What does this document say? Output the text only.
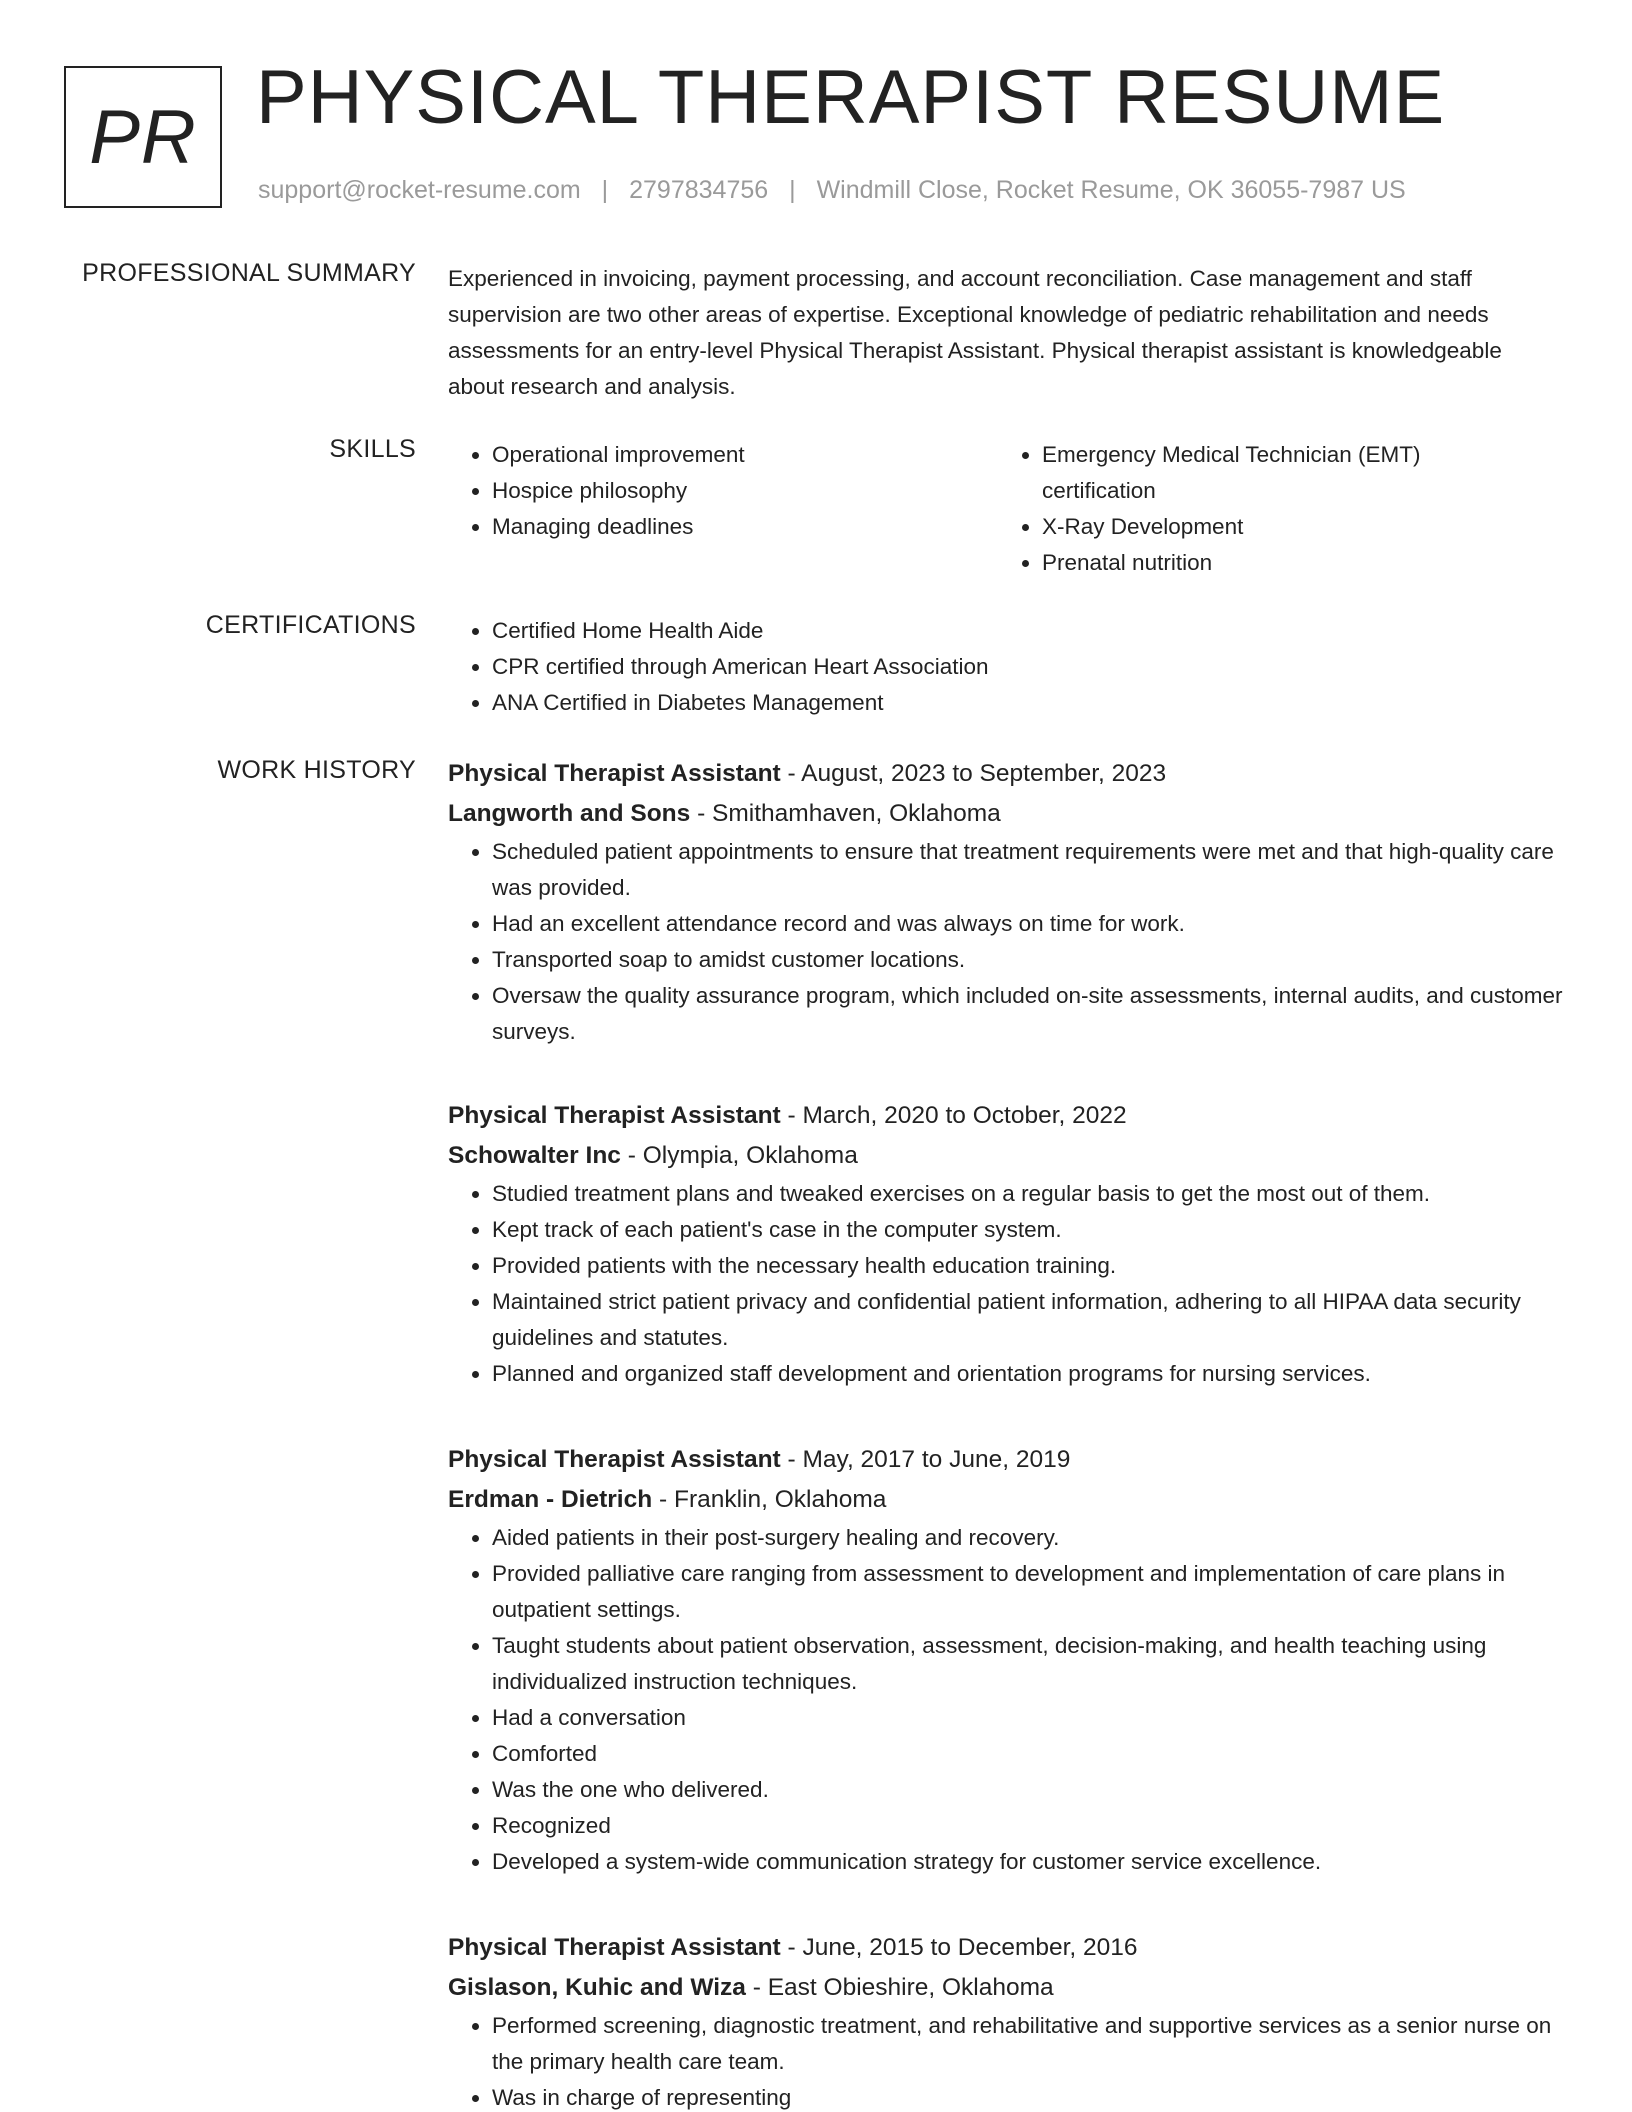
PR PHYSICAL THERAPIST RESUME
support@rocket-resume.com | 2797834756 | Windmill Close, Rocket Resume, OK 36055-7987 US
PROFESSIONAL SUMMARY Experienced in invoicing, payment processing, and account reconciliation. Case management and staff supervision are two other areas of expertise. Exceptional knowledge of pediatric rehabilitation and needs assessments for an entry-level Physical Therapist Assistant. Physical therapist assistant is knowledgeable about research and analysis.

SKILLS	• Operational improvement
• Hospice philosophy
• Managing deadlines
• Emergency Medical Technician (EMT) certification
• X-Ray Development
• Prenatal nutrition
CERTIFICATIONS	• Certified Home Health Aide
• CPR certified through American Heart Association
• ANA Certified in Diabetes Management
WORK HISTORY Physical Therapist Assistant - August, 2023 to September, 2023
Langworth and Sons - Smithamhaven, Oklahoma
• Scheduled patient appointments to ensure that treatment requirements were met and that high-quality care was provided.
• Had an excellent attendance record and was always on time for work.
• Transported soap to amidst customer locations.
• Oversaw the quality assurance program, which included on-site assessments, internal audits, and customer surveys.
Physical Therapist Assistant - March, 2020 to October, 2022
Schowalter Inc - Olympia, Oklahoma
• Studied treatment plans and tweaked exercises on a regular basis to get the most out of them.
• Kept track of each patient's case in the computer system.
• Provided patients with the necessary health education training.
• Maintained strict patient privacy and confidential patient information, adhering to all HIPAA data security guidelines and statutes.
• Planned and organized staff development and orientation programs for nursing services.
Physical Therapist Assistant - May, 2017 to June, 2019
Erdman - Dietrich - Franklin, Oklahoma
• Aided patients in their post-surgery healing and recovery.
• Provided palliative care ranging from assessment to development and implementation of care plans in outpatient settings.
• Taught students about patient observation, assessment, decision-making, and health teaching using individualized instruction techniques.
• Had a conversation
• Comforted
• Was the one who delivered.
• Recognized
• Developed a system-wide communication strategy for customer service excellence.
Physical Therapist Assistant - June, 2015 to December, 2016
Gislason, Kuhic and Wiza - East Obieshire, Oklahoma
• Performed screening, diagnostic treatment, and rehabilitative and supportive services as a senior nurse on the primary health care team.
• Was in charge of representing
